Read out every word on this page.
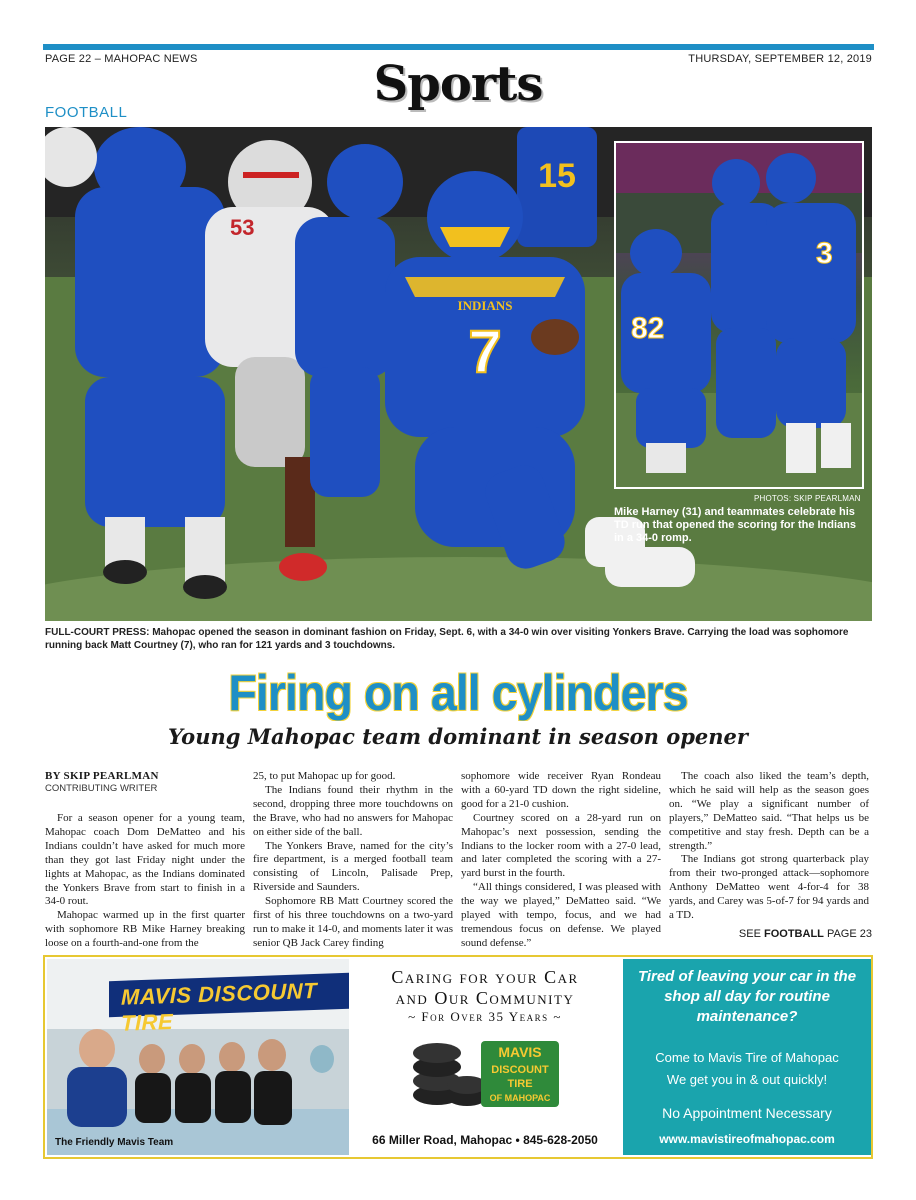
PAGE 22 – MAHOPAC NEWS	THURSDAY, SEPTEMBER 12, 2019
Sports
FOOTBALL
15
53
INDIANS
7	82
3
PHOTOS: SKIP PEARLMAN
Mike Harney (31) and teammates celebrate his TD run that opened the scoring for the Indians in a 34-0 romp.
FULL-COURT PRESS: Mahopac opened the season in dominant fashion on Friday, Sept. 6, with a 34-0 win over visiting Yonkers Brave. Carrying the load was sophomore running back Matt Courtney (7), who ran for 121 yards and 3 touchdowns.
Firing on all cylinders
Young Mahopac team dominant in season opener
BY SKIP PEARLMAN
CONTRIBUTING WRITER

For a season opener for a young team, Mahopac coach Dom DeMatteo and his Indians couldn’t have asked for much more than they got last Friday night under the lights at Mahopac, as the Indians dominated the Yonkers Brave from start to finish in a 34-0 rout.

Mahopac warmed up in the first quarter with sophomore RB Mike Harney breaking loose on a fourth-and-one from the

25, to put Mahopac up for good.

The Indians found their rhythm in the second, dropping three more touchdowns on the Brave, who had no answers for Mahopac on either side of the ball.

The Yonkers Brave, named for the city’s fire department, is a merged football team consisting of Lincoln, Palisade Prep, Riverside and Saunders.

Sophomore RB Matt Courtney scored the first of his three touchdowns on a two-yard run to make it 14-0, and moments later it was senior QB Jack Carey finding

sophomore wide receiver Ryan Rondeau with a 60-yard TD down the right sideline, good for a 21-0 cushion.

Courtney scored on a 28-yard run on Mahopac’s next possession, sending the Indians to the locker room with a 27-0 lead, and later completed the scoring with a 27-yard burst in the fourth.

“All things considered, I was pleased with the way we played,” DeMatteo said. “We played with tempo, focus, and we had tremendous focus on defense. We played sound defense.”

The coach also liked the team’s depth, which he said will help as the season goes on. “We play a significant number of players,” DeMatteo said. “That helps us be competitive and stay fresh. Depth can be a strength.”

The Indians got strong quarterback play from their two-pronged attack—sophomore Anthony DeMatteo went 4-for-4 for 38 yards, and Carey was 5-of-7 for 94 yards and a TD.

SEE FOOTBALL PAGE 23
MAVIS DISCOUNT TIRE
The Friendly Mavis Team
Caring for your Car
and Our Community
~ For Over 35 Years ~
MAVIS
DISCOUNT
TIRE
OF MAHOPAC
66 Miller Road, Mahopac • 845-628-2050
Tired of leaving your car in the shop all day for routine maintenance?
Come to Mavis Tire of Mahopac
We get you in & out quickly!
No Appointment Necessary
www.mavistireofmahopac.com
